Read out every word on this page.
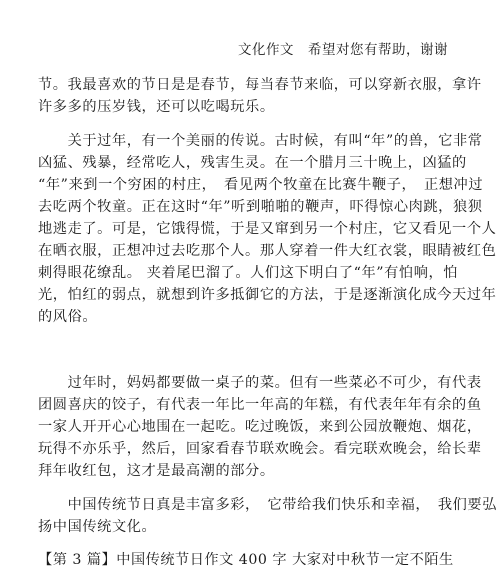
文化作文　希望对您有帮助，谢谢
节。我最喜欢的节日是是春节，每当春节来临，可以穿新衣服，拿许
许多多的压岁钱，还可以吃喝玩乐。
　　关于过年，有一个美丽的传说。古时候，有叫“年”的兽，它非常
凶猛、残暴，经常吃人，残害生灵。在一个腊月三十晚上，凶猛的
“年”来到一个穷困的村庄，　看见两个牧童在比赛牛鞭子，　正想冲过
去吃两个牧童。正在这时“年”听到啪啪的鞭声，吓得惊心肉跳，狼狈
地逃走了。可是，它饿得慌，于是又窜到另一个村庄，它又看见一个人
在晒衣服，正想冲过去吃那个人。那人穿着一件大红衣裳，眼睛被红色
刺得眼花缭乱。 夹着尾巴溜了。人们这下明白了“年”有怕响，怕
光，怕红的弱点，就想到许多抵御它的方法，于是逐渐演化成今天过年
的风俗。
　　过年时，妈妈都要做一桌子的菜。但有一些菜必不可少，有代表
团圆喜庆的饺子，有代表一年比一年高的年糕，有代表年年有余的鱼
一家人开开心心地围在一起吃。吃过晚饭，来到公园放鞭炮、烟花，
玩得不亦乐乎，然后，回家看春节联欢晚会。看完联欢晚会，给长辈
拜年收红包，这才是最高潮的部分。
　　中国传统节日真是丰富多彩，　它带给我们快乐和幸福，　我们要弘
扬中国传统文化。
【第 3 篇】中国传统节日作文 400 字 大家对中秋节一定不陌生
